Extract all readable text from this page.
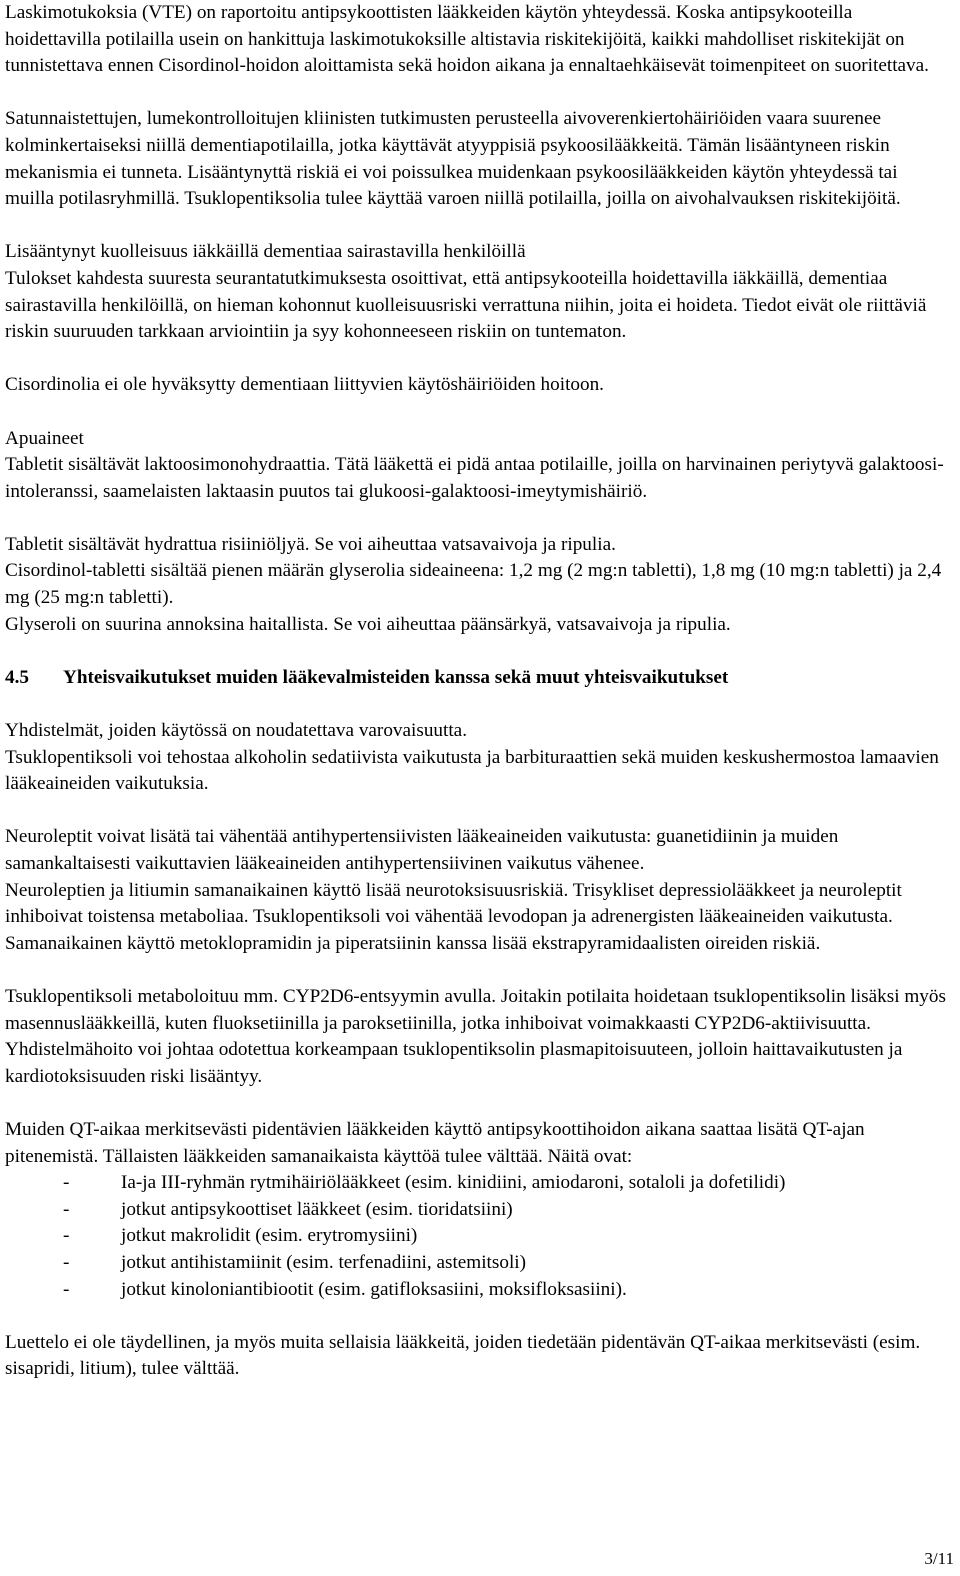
Laskimotukoksia (VTE) on raportoitu antipsykoottisten lääkkeiden käytön yhteydessä. Koska antipsykooteilla hoidettavilla potilailla usein on hankittuja laskimotukoksille altistavia riskitekijöitä, kaikki mahdolliset riskitekijät on tunnistettava ennen Cisordinol-hoidon aloittamista sekä hoidon aikana ja ennaltaehkäisevät toimenpiteet on suoritettava.

Satunnaistettujen, lumekontrolloitujen kliinisten tutkimusten perusteella aivoverenkiertohäiriöiden vaara suurenee kolminkertaiseksi niillä dementiapotilailla, jotka käyttävät atyyppisiä psykoosilääkkeitä. Tämän lisääntyneen riskin mekanismia ei tunneta. Lisääntynyttä riskiä ei voi poissulkea muidenkaan psykoosilääkkeiden käytön yhteydessä tai muilla potilasryhmillä. Tsuklopentiksolia tulee käyttää varoen niillä potilailla, joilla on aivohalvauksen riskitekijöitä.

Lisääntynyt kuolleisuus iäkkäillä dementiaa sairastavilla henkilöillä

Tulokset kahdesta suuresta seurantatutkimuksesta osoittivat, että antipsykooteilla hoidettavilla iäkkäillä, dementiaa sairastavilla henkilöillä, on hieman kohonnut kuolleisuusriski verrattuna niihin, joita ei hoideta. Tiedot eivät ole riittäviä riskin suuruuden tarkkaan arviointiin ja syy kohonneeseen riskiin on tuntematon.

Cisordinolia ei ole hyväksytty dementiaan liittyvien käytöshäiriöiden hoitoon.

Apuaineet

Tabletit sisältävät laktoosimonohydraattia. Tätä lääkettä ei pidä antaa potilaille, joilla on harvinainen periytyvä galaktoosi-intoleranssi, saamelaisten laktaasin puutos tai glukoosi-galaktoosi-imeytymishäiriö.

Tabletit sisältävät hydrattua risiiniöljyä. Se voi aiheuttaa vatsavaivoja ja ripulia.

Cisordinol-tabletti sisältää pienen määrän glyserolia sideaineena: 1,2 mg (2 mg:n tabletti), 1,8 mg (10 mg:n tabletti) ja 2,4 mg (25 mg:n tabletti).

Glyseroli on suurina annoksina haitallista. Se voi aiheuttaa päänsärkyä, vatsavaivoja ja ripulia.

4.5	Yhteisvaikutukset muiden lääkevalmisteiden kanssa sekä muut yhteisvaikutukset

Yhdistelmät, joiden käytössä on noudatettava varovaisuutta.

Tsuklopentiksoli voi tehostaa alkoholin sedatiivista vaikutusta ja barbituraattien sekä muiden keskushermostoa lamaavien lääkeaineiden vaikutuksia.

Neuroleptit voivat lisätä tai vähentää antihypertensiivisten lääkeaineiden vaikutusta: guanetidiinin ja muiden samankaltaisesti vaikuttavien lääkeaineiden antihypertensiivinen vaikutus vähenee.

Neuroleptien ja litiumin samanaikainen käyttö lisää neurotoksisuusriskiä. Trisykliset depressiolääkkeet ja neuroleptit inhiboivat toistensa metaboliaa. Tsuklopentiksoli voi vähentää levodopan ja adrenergisten lääkeaineiden vaikutusta. Samanaikainen käyttö metoklopramidin ja piperatsiinin kanssa lisää ekstrapyramidaalisten oireiden riskiä.

Tsuklopentiksoli metaboloituu mm. CYP2D6-entsyymin avulla. Joitakin potilaita hoidetaan tsuklopentiksolin lisäksi myös masennuslääkkeillä, kuten fluoksetiinilla ja paroksetiinilla, jotka inhiboivat voimakkaasti CYP2D6-aktiivisuutta. Yhdistelmähoito voi johtaa odotettua korkeampaan tsuklopentiksolin plasmapitoisuuteen, jolloin haittavaikutusten ja kardiotoksisuuden riski lisääntyy.

Muiden QT-aikaa merkitsevästi pidentävien lääkkeiden käyttö antipsykoottihoidon aikana saattaa lisätä QT-ajan pitenemistä. Tällaisten lääkkeiden samanaikaista käyttöä tulee välttää. Näitä ovat:

-	Ia-ja III-ryhmän rytmihäiriölääkkeet (esim. kinidiini, amiodaroni, sotaloli ja dofetilidi)
-	jotkut antipsykoottiset lääkkeet (esim. tioridatsiini)
-	jotkut makrolidit (esim. erytromysiini)
-	jotkut antihistamiinit (esim. terfenadiini, astemitsoli)
-	jotkut kinoloniantibiootit (esim. gatifloksasiini, moksifloksasiini).

Luettelo ei ole täydellinen, ja myös muita sellaisia lääkkeitä, joiden tiedetään pidentävän QT-aikaa merkitsevästi (esim. sisapridi, litium), tulee välttää.

3/11
